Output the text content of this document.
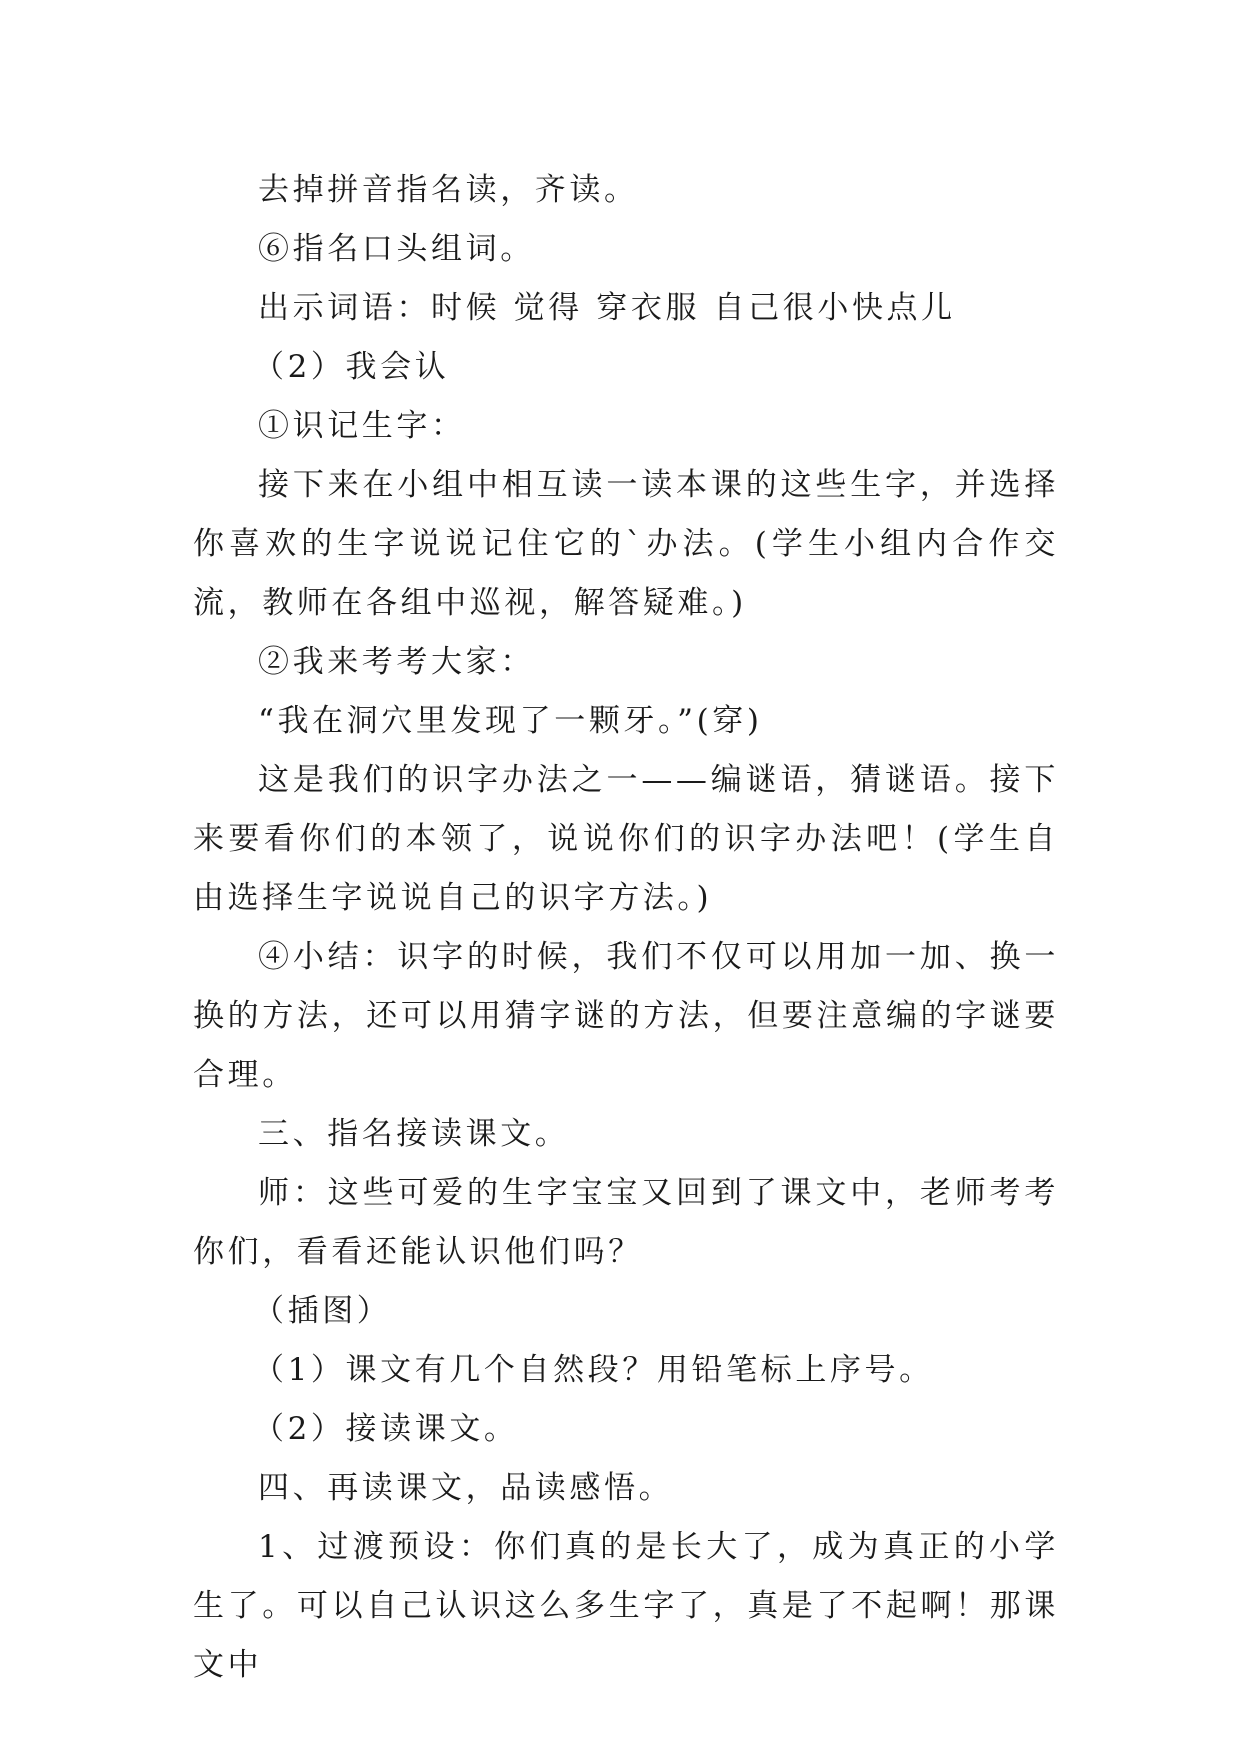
去掉拼音指名读，齐读。

⑥指名口头组词。

出示词语：时候 觉得 穿衣服 自己很小快点儿

（2）我会认

①识记生字：

接下来在小组中相互读一读本课的这些生字，并选择你喜欢的生字说说记住它的`办法。(学生小组内合作交流，教师在各组中巡视，解答疑难。)

②我来考考大家：

“我在洞穴里发现了一颗牙。”(穿)

这是我们的识字办法之一——编谜语，猜谜语。接下来要看你们的本领了，说说你们的识字办法吧！(学生自由选择生字说说自己的识字方法。)

④小结：识字的时候，我们不仅可以用加一加、换一换的方法，还可以用猜字谜的方法，但要注意编的字谜要合理。

三、指名接读课文。

师：这些可爱的生字宝宝又回到了课文中，老师考考你们，看看还能认识他们吗？

（插图）

（1）课文有几个自然段？用铅笔标上序号。

（2）接读课文。

四、再读课文，品读感悟。

1、过渡预设：你们真的是长大了，成为真正的小学生了。可以自己认识这么多生字了，真是了不起啊！那课文中
